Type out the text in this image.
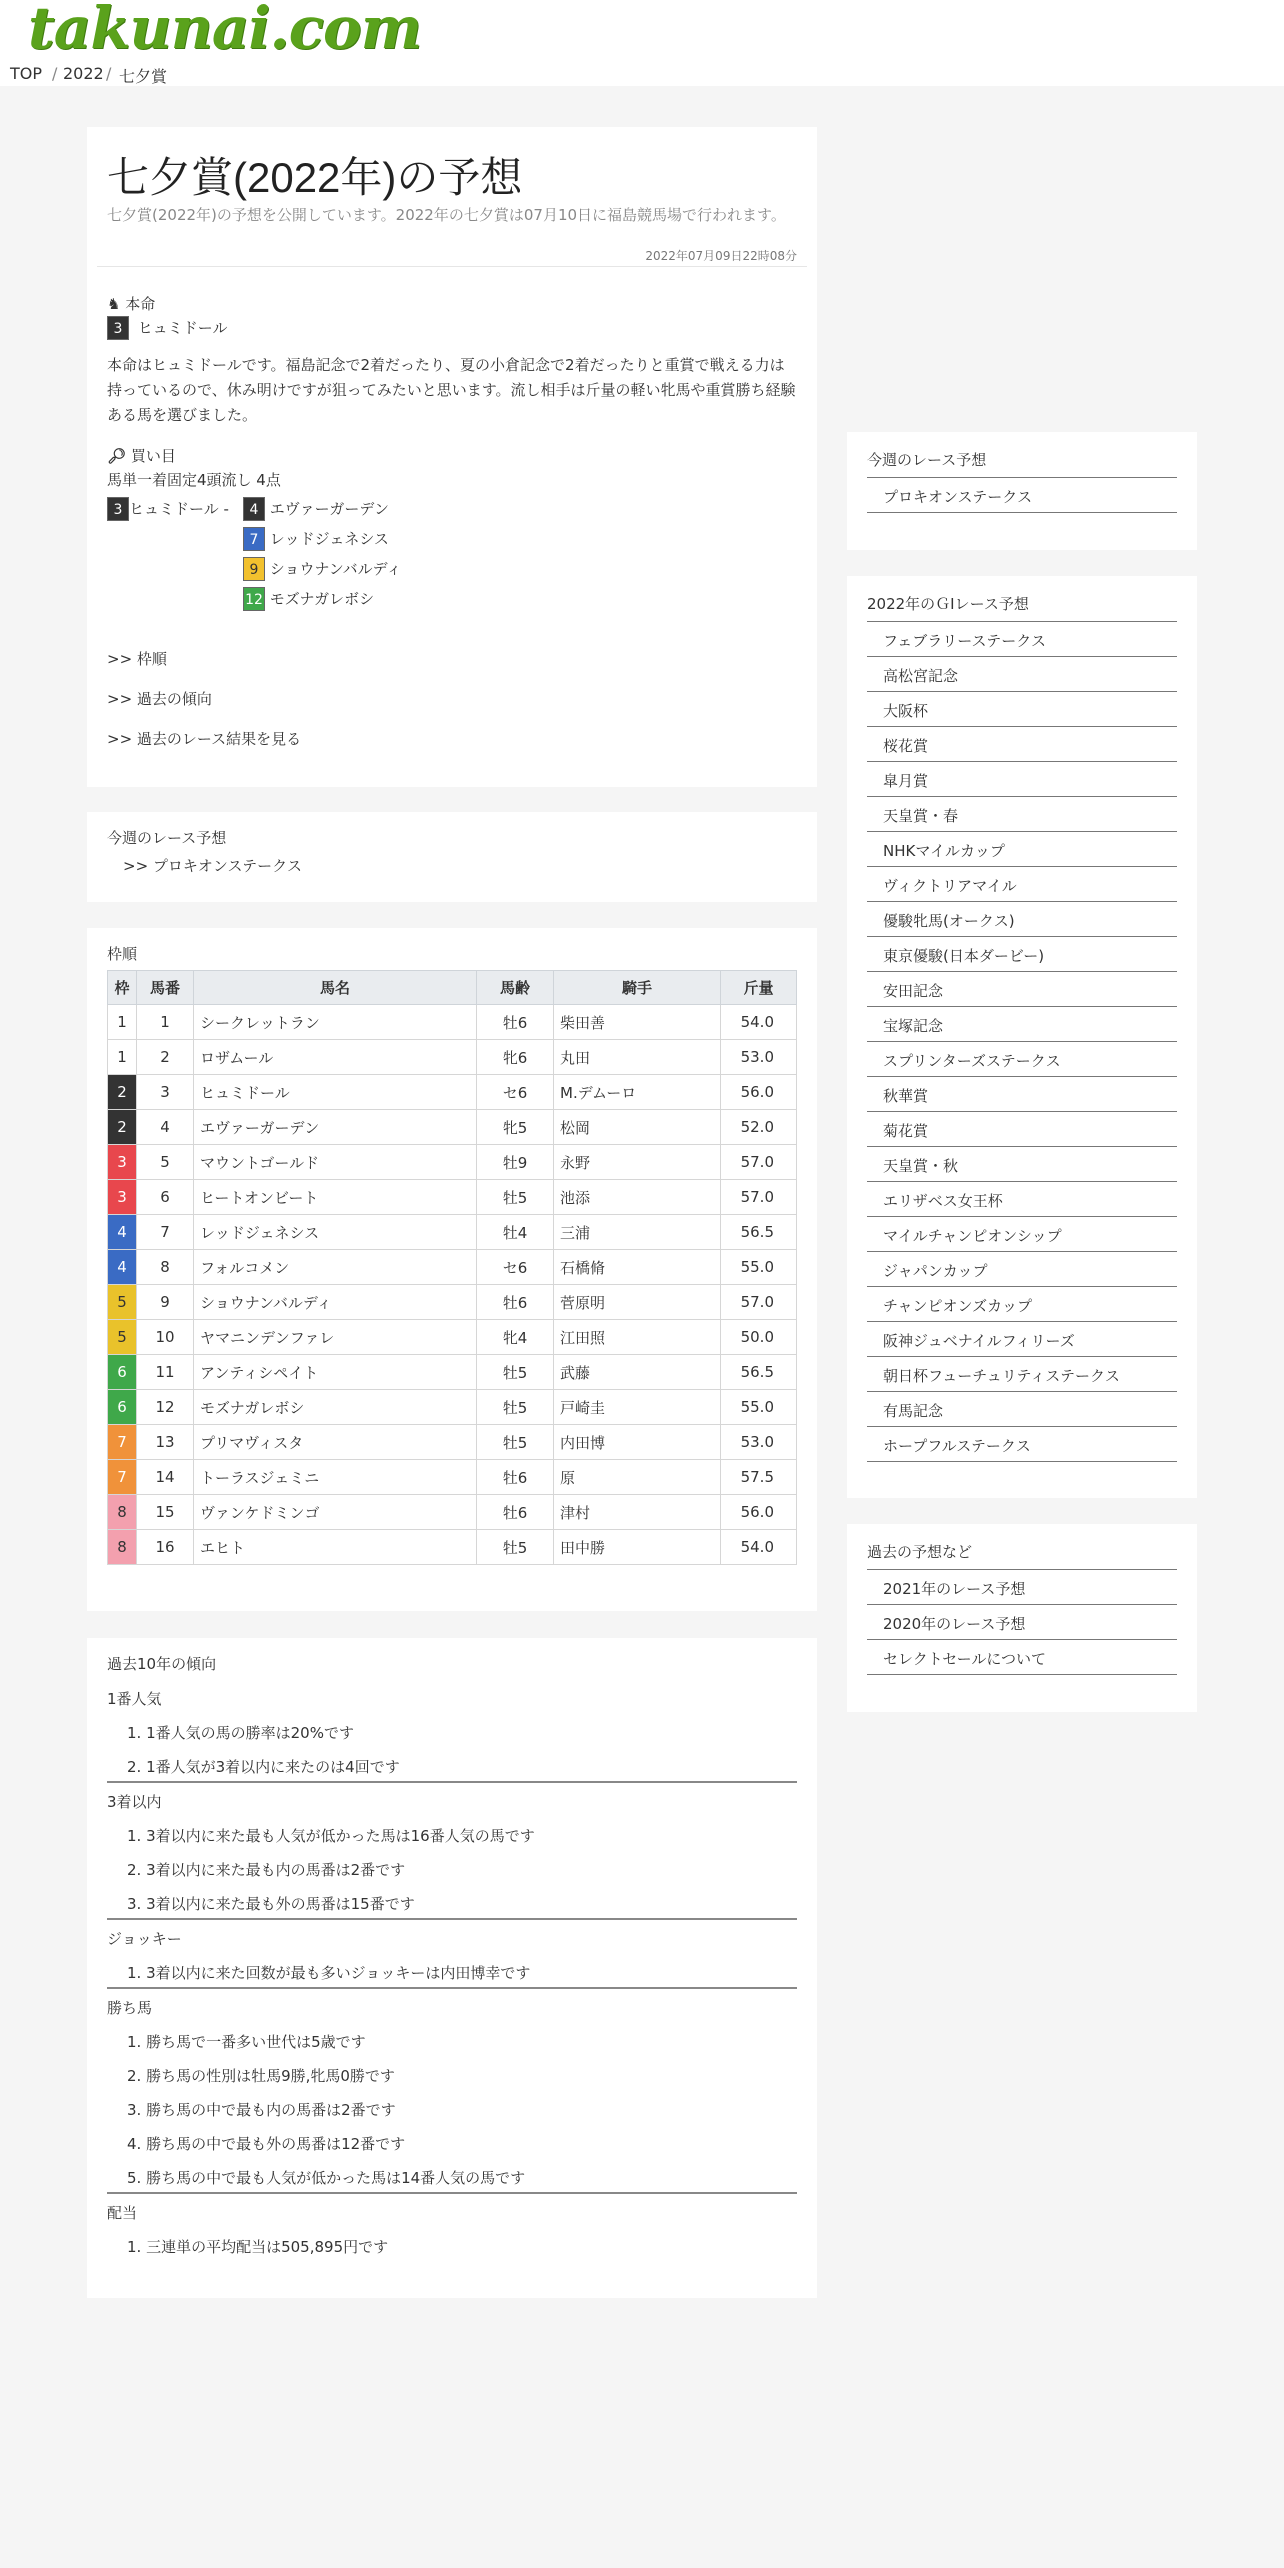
takunai.com
TOP / 2022 / 七夕賞
七夕賞(2022年)の予想
七夕賞(2022年)の予想を公開しています。2022年の七夕賞は07月10日に福島競馬場で行われます。
2022年07月09日22時08分
♞ 本命
3 ヒュミドール
本命はヒュミドールです。福島記念で2着だったり、夏の小倉記念で2着だったりと重賞で戦える力は持っているので、休み明けですが狙ってみたいと思います。流し相手は斤量の軽い牝馬や重賞勝ち経験ある馬を選びました。
🔎︎ 買い目
馬単一着固定4頭流し 4点
3 ヒュミドール -	4 エヴァーガーデン
7 レッドジェネシス
9 ショウナンバルディ
12 モズナガレボシ
>> 枠順
>> 過去の傾向
>> 過去のレース結果を見る
今週のレース予想
>> プロキオンステークス
枠順
枠	馬番	馬名	馬齢	騎手	斤量
1	1	シークレットラン	牡6	柴田善	54.0
1	2	ロザムール	牝6	丸田	53.0
2	3	ヒュミドール	セ6	M.デムーロ	56.0
2	4	エヴァーガーデン	牝5	松岡	52.0
3	5	マウントゴールド	牡9	永野	57.0
3	6	ヒートオンビート	牡5	池添	57.0
4	7	レッドジェネシス	牡4	三浦	56.5
4	8	フォルコメン	セ6	石橋脩	55.0
5	9	ショウナンバルディ	牡6	菅原明	57.0
5	10	ヤマニンデンファレ	牝4	江田照	50.0
6	11	アンティシペイト	牡5	武藤	56.5
6	12	モズナガレボシ	牡5	戸崎圭	55.0
7	13	プリマヴィスタ	牡5	内田博	53.0
7	14	トーラスジェミニ	牡6	原	57.5
8	15	ヴァンケドミンゴ	牡6	津村	56.0
8	16	エヒト	牡5	田中勝	54.0
過去10年の傾向
1番人気
1. 1番人気の馬の勝率は20%です
2. 1番人気が3着以内に来たのは4回です
3着以内
1. 3着以内に来た最も人気が低かった馬は16番人気の馬です
2. 3着以内に来た最も内の馬番は2番です
3. 3着以内に来た最も外の馬番は15番です
ジョッキー
1. 3着以内に来た回数が最も多いジョッキーは内田博幸です
勝ち馬
1. 勝ち馬で一番多い世代は5歳です
2. 勝ち馬の性別は牡馬9勝,牝馬0勝です
3. 勝ち馬の中で最も内の馬番は2番です
4. 勝ち馬の中で最も外の馬番は12番です
5. 勝ち馬の中で最も人気が低かった馬は14番人気の馬です
配当
1. 三連単の平均配当は505,895円です
今週のレース予想
プロキオンステークス
2022年のＧⅠレース予想
フェブラリーステークス
高松宮記念
大阪杯
桜花賞
皐月賞
天皇賞・春
NHKマイルカップ
ヴィクトリアマイル
優駿牝馬(オークス)
東京優駿(日本ダービー)
安田記念
宝塚記念
スプリンターズステークス
秋華賞
菊花賞
天皇賞・秋
エリザベス女王杯
マイルチャンピオンシップ
ジャパンカップ
チャンピオンズカップ
阪神ジュベナイルフィリーズ
朝日杯フューチュリティステークス
有馬記念
ホープフルステークス
過去の予想など
2021年のレース予想
2020年のレース予想
セレクトセールについて
